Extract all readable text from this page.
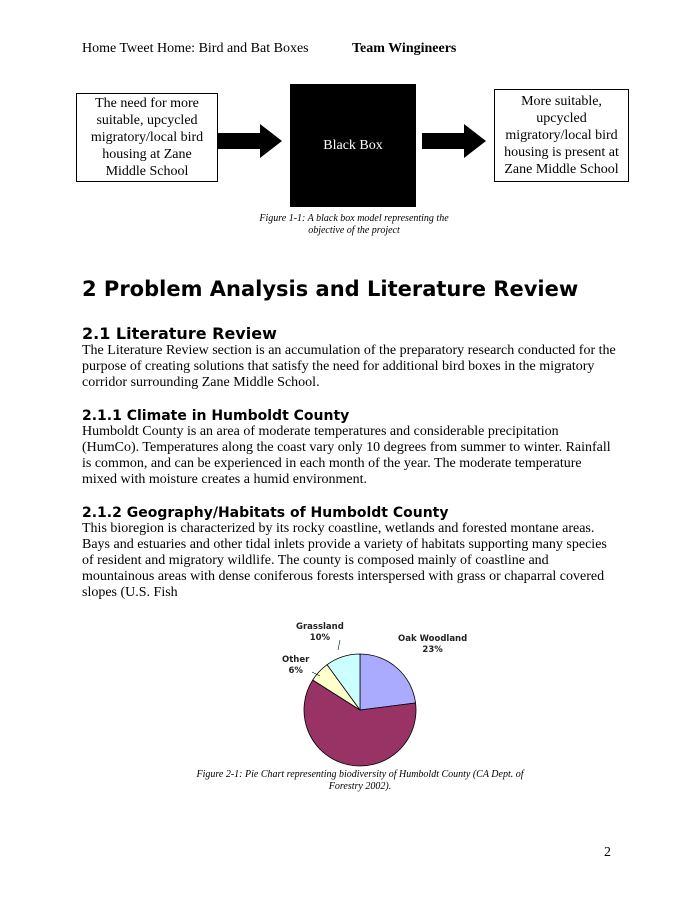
Home Tweet Home: Bird and Bat Boxes	Team Wingineers
The need for more suitable, upcycled migratory/local bird housing at Zane Middle School
Black Box
More suitable, upcycled migratory/local bird housing is present at Zane Middle School
Figure 1-1: A black box model representing the objective of the project
2 Problem Analysis and Literature Review
2.1 Literature Review
The Literature Review section is an accumulation of the preparatory research conducted for the purpose of creating solutions that satisfy the need for additional bird boxes in the migratory corridor surrounding Zane Middle School.
2.1.1 Climate in Humboldt County
Humboldt County is an area of moderate temperatures and considerable precipitation (HumCo). Temperatures along the coast vary only 10 degrees from summer to winter. Rainfall is common, and can be experienced in each month of the year. The moderate temperature mixed with moisture creates a humid environment.
2.1.2 Geography/Habitats of Humboldt County
This bioregion is characterized by its rocky coastline, wetlands and forested montane areas. Bays and estuaries and other tidal inlets provide a variety of habitats supporting many species of resident and migratory wildlife. The county is composed mainly of coastline and mountainous areas with dense coniferous forests interspersed with grass or chaparral covered slopes (U.S. Fish
Grassland
10%
Other
6%
Oak Woodland
23%
Figure 2-1: Pie Chart representing biodiversity of Humboldt County (CA Dept. of Forestry 2002).
2
